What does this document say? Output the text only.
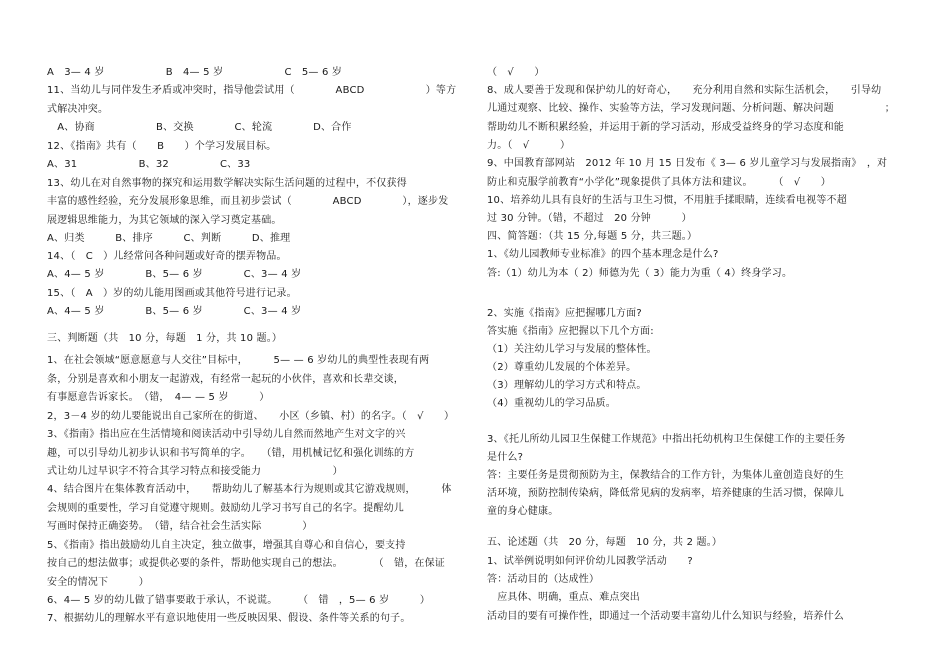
A　3— 4 岁　　　　　　B　4— 5 岁　　　　　　C　5— 6 岁
11、当幼儿与同伴发生矛盾或冲突时，指导他尝试用（　　　　ABCD　　　　　　）等方
式解决冲突。
　A、协商　　　　　　B、交换　　　　C、轮流　　　　D、合作
12、《指南》共有（　　B　　）个学习发展目标。
A、31　　　　　　B、32　　　　　C、33
13、幼儿在对自然事物的探究和运用数学解决实际生活问题的过程中，不仅获得
丰富的感性经验，充分发展形象思维，而且初步尝试（　　　　ABCD　　　　），逐步发
展逻辑思维能力，为其它领域的深入学习奠定基础。
A、归类　　　B、排序　　　C、判断　　　D、推理
14、（　C　）儿经常问各种问题或好奇的摆弄物品。
A、4— 5 岁　　　　B、5— 6 岁　　　　C、3— 4 岁
15、（　A　）岁的幼儿能用图画或其他符号进行记录。
A、4— 5 岁　　　　B、5— 6 岁　　　　C、3— 4 岁
三、判断题（共　10 分，每题　1 分，共 10 题。）
1、在社会领域“愿意愿意与人交往”目标中，　　　5— — 6 岁幼儿的典型性表现有两
条，分别是喜欢和小朋友一起游戏，有经常一起玩的小伙伴，喜欢和长辈交谈，
有事愿意告诉家长。　（错，　4— — 5 岁　　　）
2，3－4 岁的幼儿要能说出自己家所在的街道、　　小区（乡镇、村）的名字。（　√　　）
3、《指南》指出应在生活情境和阅读活动中引导幼儿自然而然地产生对文字的兴
趣，可以引导幼儿初步认识和书写简单的字。　　（错，用机械记忆和强化训练的方
式让幼儿过早识字不符合其学习特点和接受能力　　　　　　　）
4、结合图片在集体教育活动中，　　帮助幼儿了解基本行为规则或其它游戏规则，　　　体
会规则的重要性，学习自觉遵守规则。鼓励幼儿学习书写自己的名字。提醒幼儿
写画时保持正确姿势。　（错，结合社会生活实际　　　　）
5、《指南》指出鼓励幼儿自主决定，独立做事，增强其自尊心和自信心，要支持
按自己的想法做事；或提供必要的条件，帮助他实现自己的想法。　　　　（　错，在保证
安全的情况下　　　）
6、4— 5 岁的幼儿做了错事要敢于承认，不说谎。　　　（　错　，5— 6 岁　　　）
7、根据幼儿的理解水平有意识地使用一些反映因果、假设、条件等关系的句子。
（　√　　）
8、成人要善于发现和保护幼儿的好奇心，　　充分利用自然和实际生活机会，　　引导幼
儿通过观察、比较、操作、实验等方法，学习发现问题、分析问题、解决问题　　　　　；
帮助幼儿不断积累经验，并运用于新的学习活动，形成受益终身的学习态度和能
力。（　√　　　）
9、中国教育部网站　2012 年 10 月 15 日发布《 3— 6 岁儿童学习与发展指南》　，对
防止和克服学前教育“小学化”现象提供了具体方法和建议。　　　（　√　　）
10、培养幼儿具有良好的生活与卫生习惯，不用脏手揉眼睛，连续看电视等不超
过 30 分钟。（错，不超过　20 分钟　　　）
四、简答题：（共 15 分,每题 5 分，共三题。）
1、《幼儿园教师专业标准》的四个基本理念是什么?
答:（1）幼儿为本（ 2）师德为先（ 3）能力为重（ 4）终身学习。
2、实施《指南》应把握哪几方面?
答实施《指南》应把握以下几个方面:
（1）关注幼儿学习与发展的整体性。
（2）尊重幼儿发展的个体差异。
（3）理解幼儿的学习方式和特点。
（4）重视幼儿的学习品质。
3、《托儿所幼儿园卫生保健工作规范》中指出托幼机构卫生保健工作的主要任务
是什么?
答：主要任务是贯彻预防为主，保教结合的工作方针，为集体儿童创造良好的生
活环境，预防控制传染病，降低常见病的发病率，培养健康的生活习惯，保障儿
童的身心健康。
五、论述题（共　20 分，每题　10 分，共 2 题。）
1、试举例说明如何评价幼儿园教学活动　　?
答：活动目的（达成性）
　应具体、明确，重点、难点突出
活动目的要有可操作性，即通过一个活动要丰富幼儿什么知识与经验，培养什么
